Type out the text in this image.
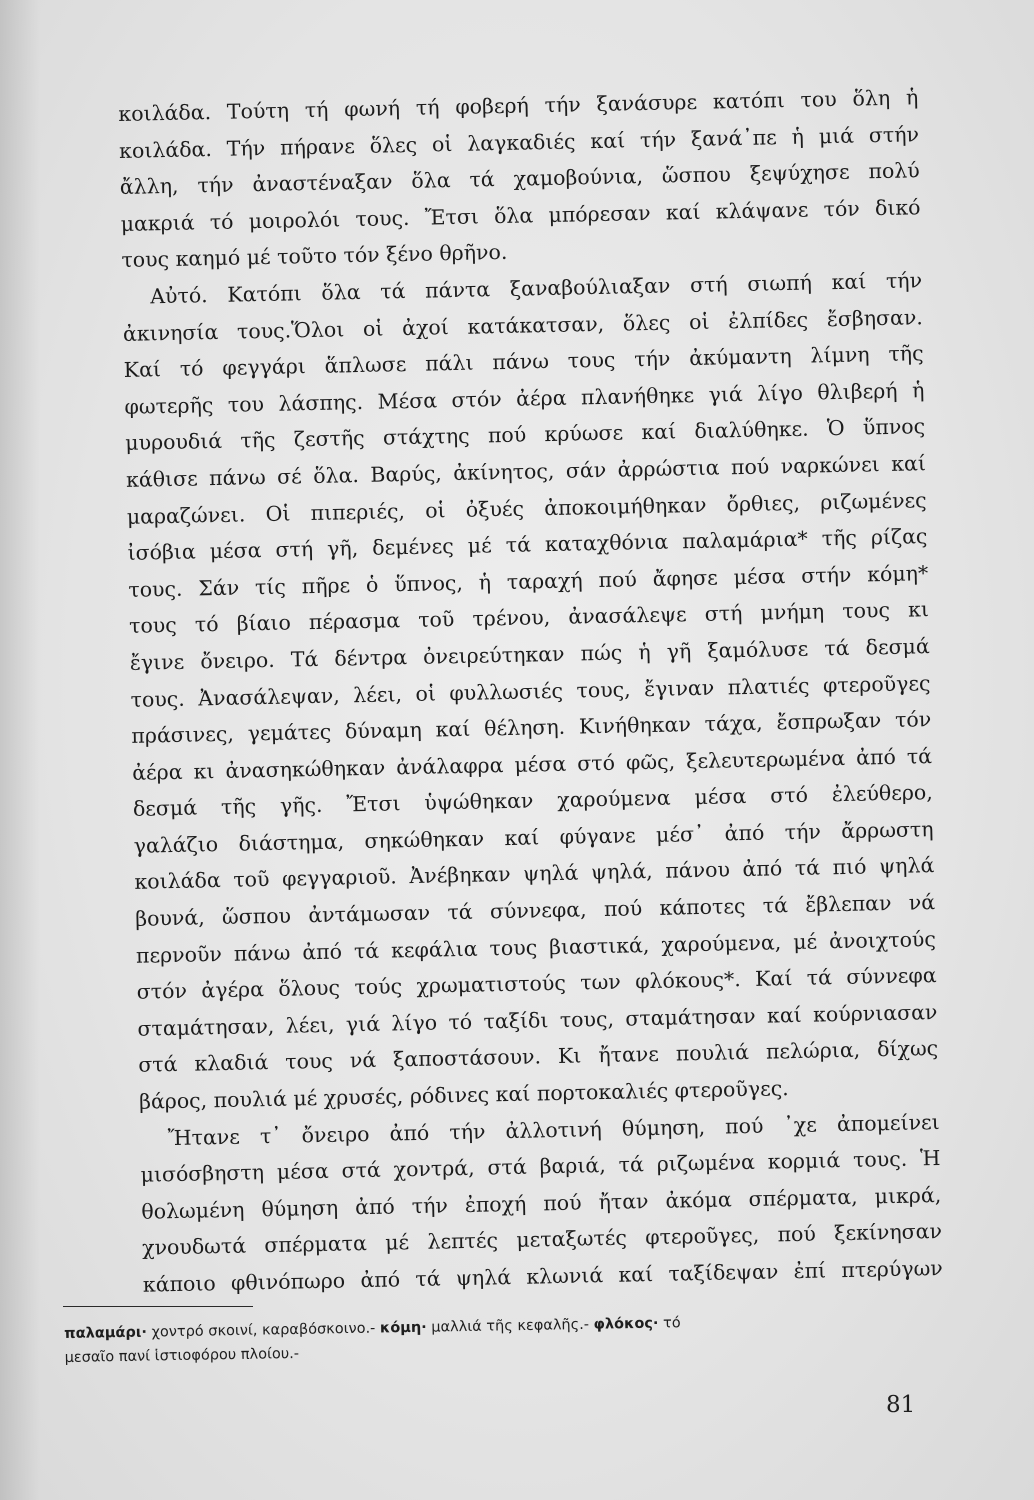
κοιλάδα. Τούτη τή φωνή τή φοβερή τήν ξανάσυρε κατόπι του ὅλη ἡ
κοιλάδα. Τήν πήρανε ὅλες οἱ λαγκαδιές καί τήν ξανά᾽πε ἡ μιά στήν
ἄλλη, τήν ἀναστέναξαν ὅλα τά χαμοβούνια, ὥσπου ξεψύχησε πολύ
μακριά τό μοιρολόι τους. Ἔτσι ὅλα μπόρεσαν καί κλάψανε τόν δικό
τους καημό μέ τοῦτο τόν ξένο θρῆνο.
Αὐτό. Κατόπι ὅλα τά πάντα ξαναβούλιαξαν στή σιωπή καί τήν
ἀκινησία τους.Ὅλοι οἱ ἀχοί κατάκατσαν, ὅλες οἱ ἐλπίδες ἔσβησαν.
Καί τό φεγγάρι ἅπλωσε πάλι πάνω τους τήν ἀκύμαντη λίμνη τῆς
φωτερῆς του λάσπης. Μέσα στόν ἀέρα πλανήθηκε γιά λίγο θλιβερή ἡ
μυρουδιά τῆς ζεστῆς στάχτης πού κρύωσε καί διαλύθηκε. Ὁ ὕπνος
κάθισε πάνω σέ ὅλα. Βαρύς, ἀκίνητος, σάν ἀρρώστια πού ναρκώνει καί
μαραζώνει. Οἱ πιπεριές, οἱ ὀξυές ἀποκοιμήθηκαν ὄρθιες, ριζωμένες
ἰσόβια μέσα στή γῆ, δεμένες μέ τά καταχθόνια παλαμάρια* τῆς ρίζας
τους. Σάν τίς πῆρε ὁ ὕπνος, ἡ ταραχή πού ἄφησε μέσα στήν κόμη*
τους τό βίαιο πέρασμα τοῦ τρένου, ἀνασάλεψε στή μνήμη τους κι
ἔγινε ὄνειρο. Τά δέντρα ὀνειρεύτηκαν πώς ἡ γῆ ξαμόλυσε τά δεσμά
τους. Ἀνασάλεψαν, λέει, οἱ φυλλωσιές τους, ἔγιναν πλατιές φτεροῦγες
πράσινες, γεμάτες δύναμη καί θέληση. Κινήθηκαν τάχα, ἔσπρωξαν τόν
ἀέρα κι ἀνασηκώθηκαν ἀνάλαφρα μέσα στό φῶς, ξελευτερωμένα ἀπό τά
δεσμά τῆς γῆς. Ἔτσι ὑψώθηκαν χαρούμενα μέσα στό ἐλεύθερο,
γαλάζιο διάστημα, σηκώθηκαν καί φύγανε μέσ᾽ ἀπό τήν ἄρρωστη
κοιλάδα τοῦ φεγγαριοῦ. Ἀνέβηκαν ψηλά ψηλά, πάνου ἀπό τά πιό ψηλά
βουνά, ὥσπου ἀντάμωσαν τά σύννεφα, πού κάποτες τά ἔβλεπαν νά
περνοῦν πάνω ἀπό τά κεφάλια τους βιαστικά, χαρούμενα, μέ ἀνοιχτούς
στόν ἀγέρα ὅλους τούς χρωματιστούς των φλόκους*. Καί τά σύννεφα
σταμάτησαν, λέει, γιά λίγο τό ταξίδι τους, σταμάτησαν καί κούρνιασαν
στά κλαδιά τους νά ξαποστάσουν. Κι ἤτανε πουλιά πελώρια, δίχως
βάρος, πουλιά μέ χρυσές, ρόδινες καί πορτοκαλιές φτεροῦγες.
Ἤτανε τ᾽ ὄνειρο ἀπό τήν ἀλλοτινή θύμηση, πού ᾽χε ἀπομείνει
μισόσβηστη μέσα στά χοντρά, στά βαριά, τά ριζωμένα κορμιά τους. Ἡ
θολωμένη θύμηση ἀπό τήν ἐποχή πού ἤταν ἀκόμα σπέρματα, μικρά,
χνουδωτά σπέρματα μέ λεπτές μεταξωτές φτεροῦγες, πού ξεκίνησαν
κάποιο φθινόπωρο ἀπό τά ψηλά κλωνιά καί ταξίδεψαν ἐπί πτερύγων
παλαμάρι· χοντρό σκοινί, καραβόσκοινο.- κόμη· μαλλιά τῆς κεφαλῆς.- φλόκος· τό
μεσαῖο πανί ἱστιοφόρου πλοίου.-
81
